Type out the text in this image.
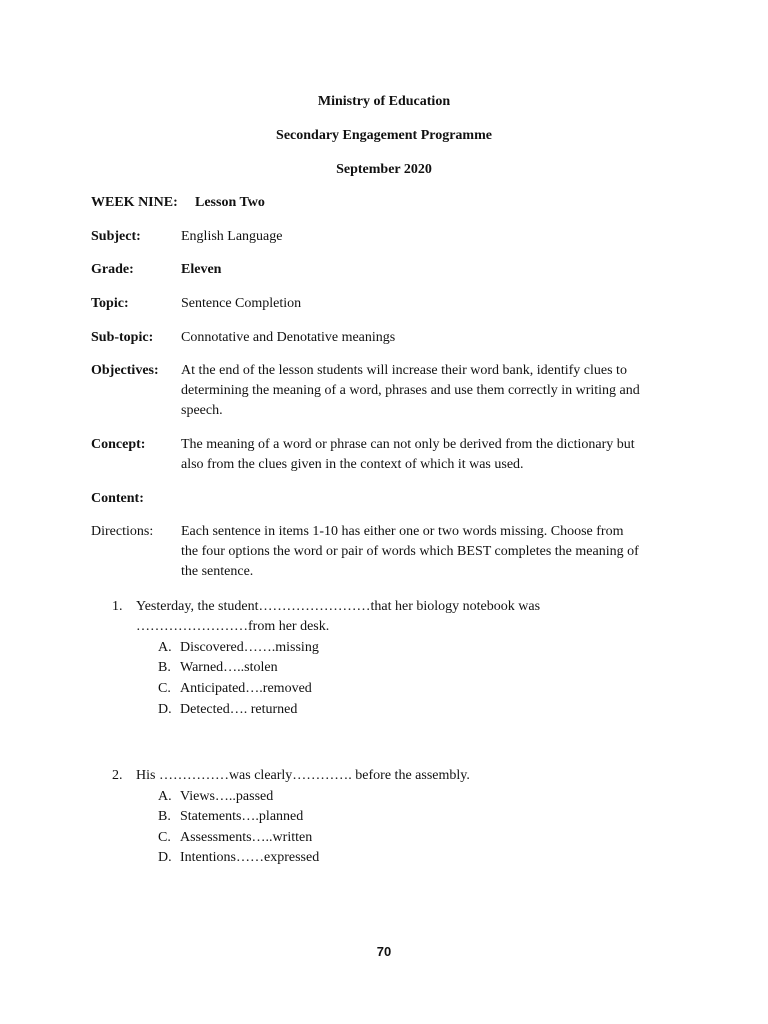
Ministry of Education
Secondary Engagement Programme
September 2020
WEEK NINE: Lesson Two
Subject:	English Language
Grade:	Eleven
Topic:	Sentence Completion
Sub-topic: Connotative and Denotative meanings
Objectives: At the end of the lesson students will increase their word bank, identify clues to
determining the meaning of a word, phrases and use them correctly in writing and
speech.
Concept:	The meaning of a word or phrase can not only be derived from the dictionary but
also from the clues given in the context of which it was used.
Content:
Directions: Each sentence in items 1-10 has either one or two words missing. Choose from
the four options the word or pair of words which BEST completes the meaning of
the sentence.
1. Yesterday, the student……………………that her biology notebook was
……………………from her desk.
A. Discovered…….missing
B. Warned…..stolen
C. Anticipated….removed
D. Detected…. returned
2. His ……………was clearly…………. before the assembly.
A. Views…..passed
B. Statements….planned
C. Assessments…..written
D. Intentions……expressed
70
